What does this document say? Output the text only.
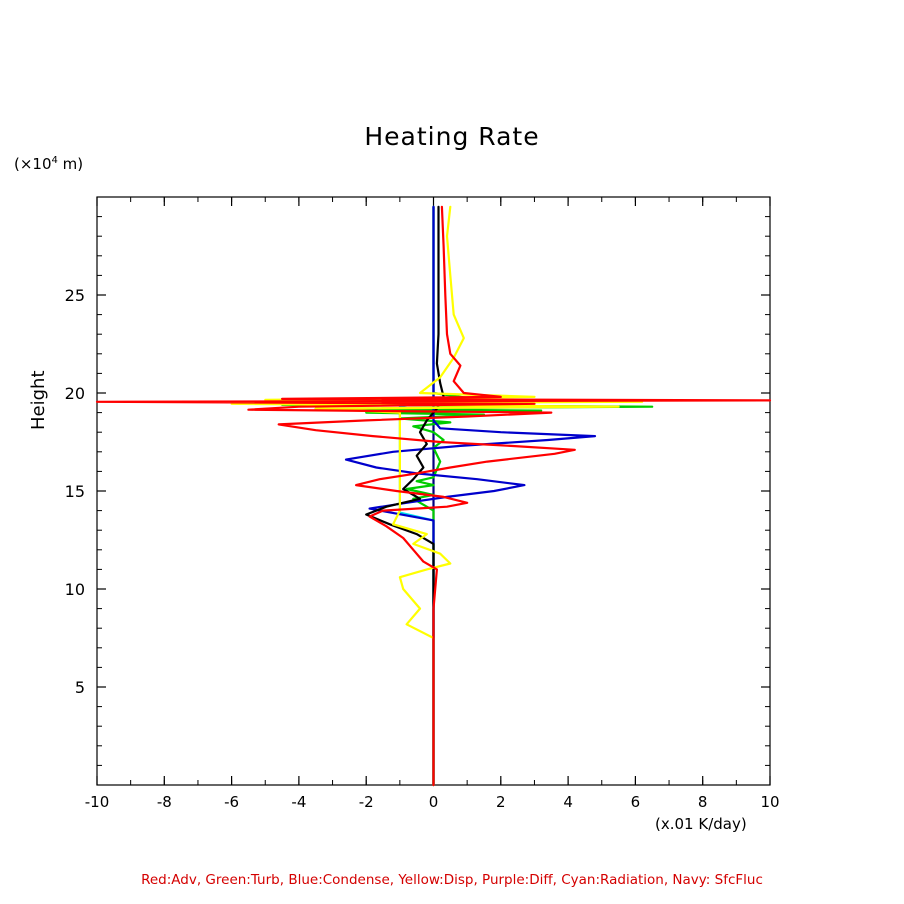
Heating Rate
($\times 10^4$ m)
Height
(x.01 K/day)
-10	-8	-6	-4	-2	0	2	4	6	8	10
5
10
15
20
25
Red:Adv, Green:Turb, Blue:Condense, Yellow:Disp, Purple:Diff, Cyan:Radiation, Navy: SfcFluc
